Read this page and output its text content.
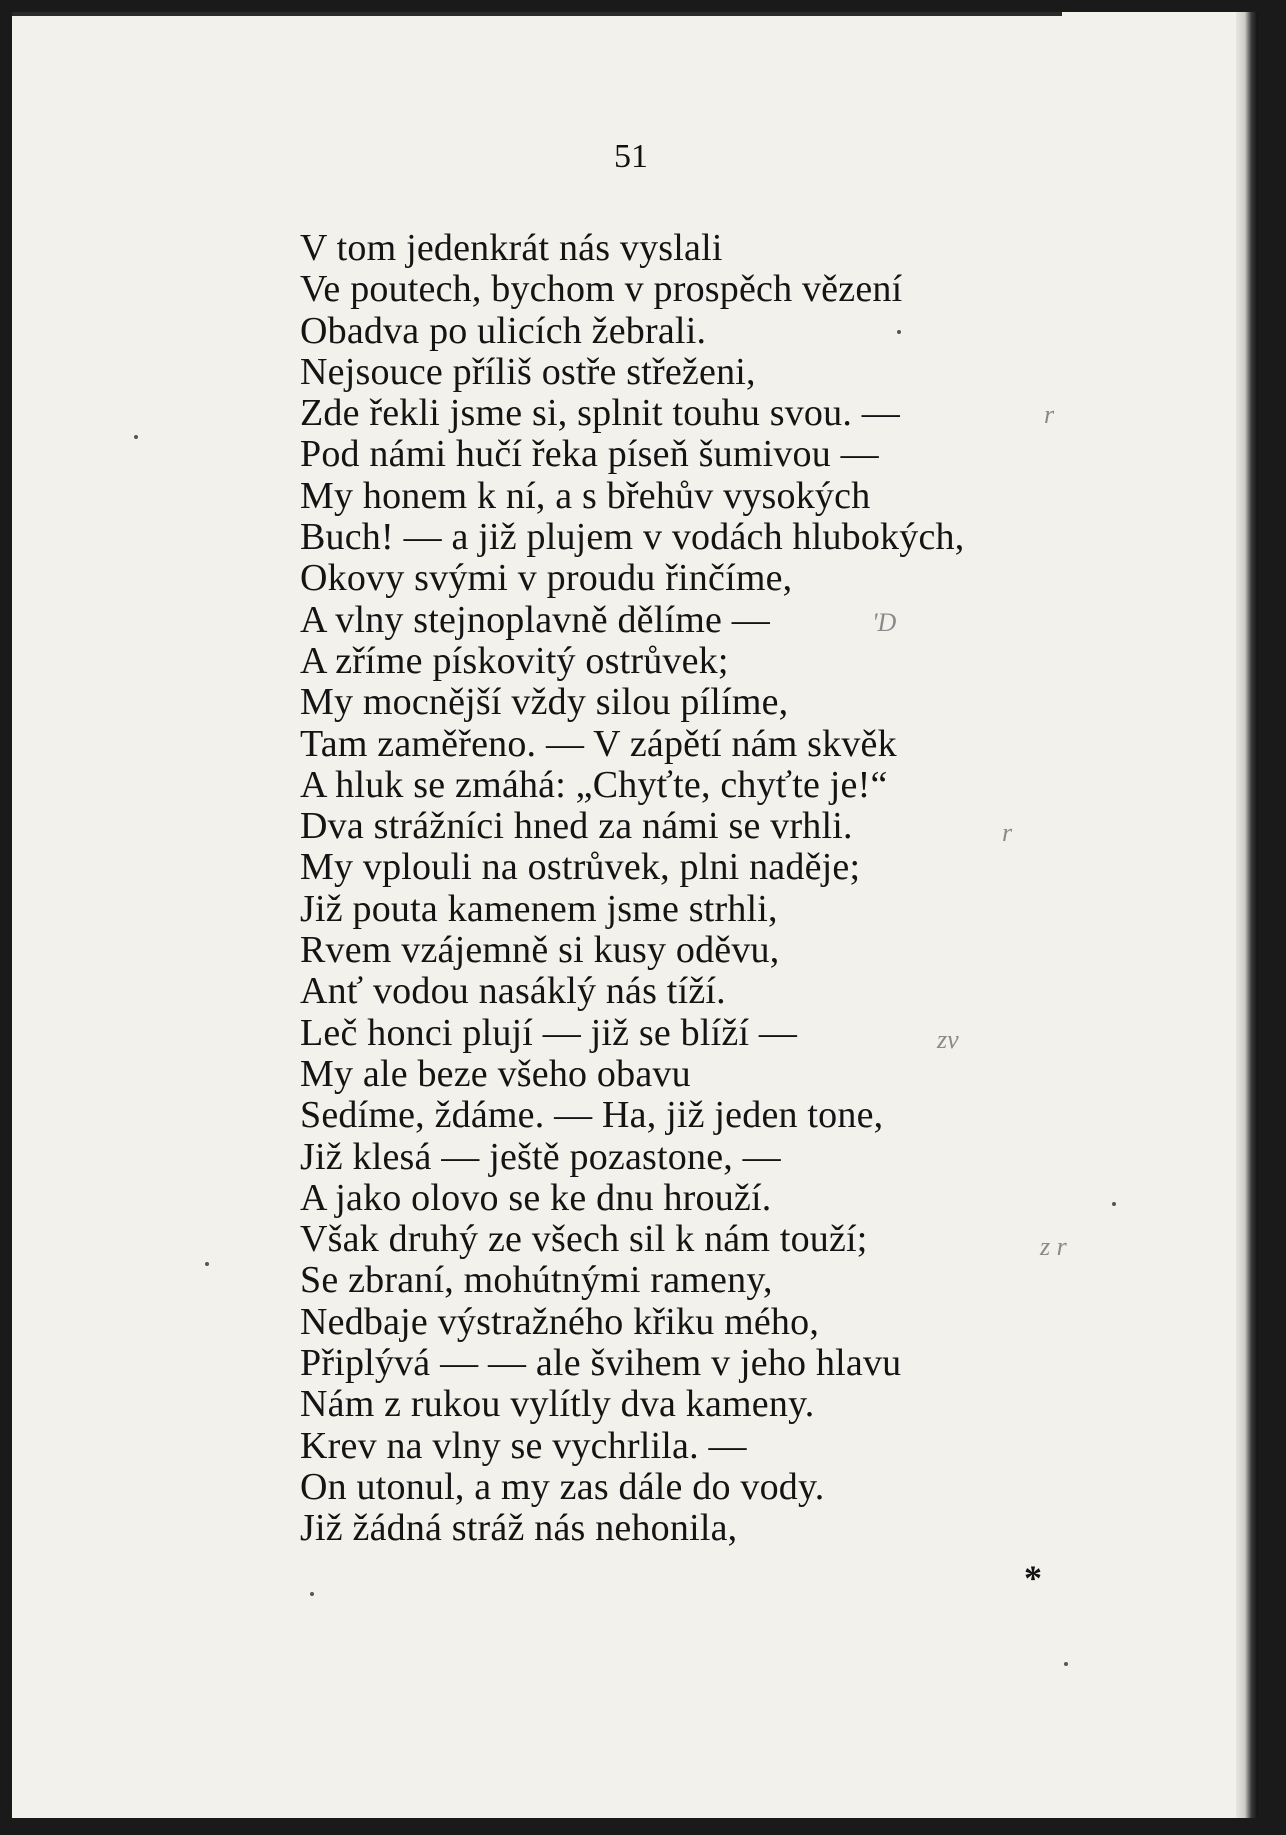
r
'D
r
zv
z r
*
51
V tom jedenkrát nás vyslali
Ve poutech, bychom v prospěch vězení
Obadva po ulicích žebrali.
Nejsouce příliš ostře střeženi,
Zde řekli jsme si, splnit touhu svou. —
Pod námi hučí řeka píseň šumivou —
My honem k ní, a s břehův vysokých
Buch! — a již plujem v vodách hlubokých,
Okovy svými v proudu řinčíme,
A vlny stejnoplavně dělíme —
A zříme pískovitý ostrůvek;
My mocnější vždy silou pílíme,
Tam zaměřeno. — V zápětí nám skvěk
A hluk se zmáhá: „Chyťte, chyťte je!“
Dva strážníci hned za námi se vrhli.
My vplouli na ostrůvek, plni naděje;
Již pouta kamenem jsme strhli,
Rvem vzájemně si kusy oděvu,
Anť vodou nasáklý nás tíží.
Leč honci plují — již se blíží —
My ale beze všeho obavu
Sedíme, ždáme. — Ha, již jeden tone,
Již klesá — ještě pozastone, —
A jako olovo se ke dnu hrouží.
Však druhý ze všech sil k nám touží;
Se zbraní, mohútnými rameny,
Nedbaje výstražného křiku mého,
Připlývá — — ale švihem v jeho hlavu
Nám z rukou vylítly dva kameny.
Krev na vlny se vychrlila. —
On utonul, a my zas dále do vody.
Již žádná stráž nás nehonila,
